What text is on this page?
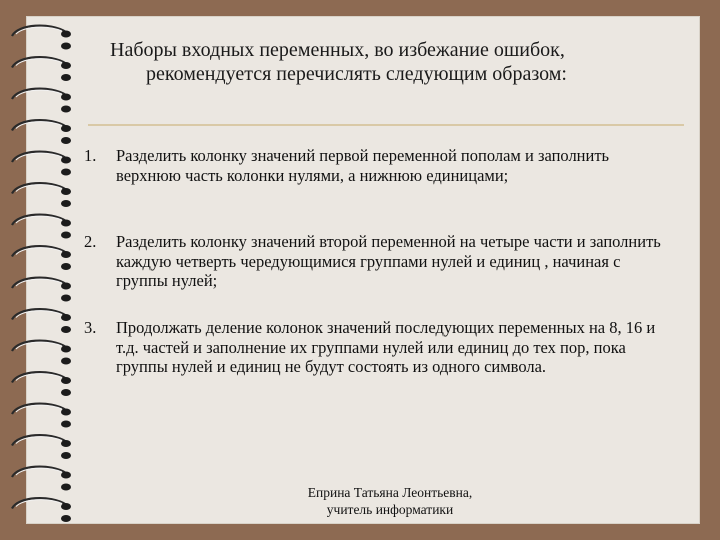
Наборы входных переменных, во избежание ошибок,
рекомендуется перечислять следующим образом:
1. Разделить колонку значений первой переменной пополам и заполнить верхнюю часть колонки нулями, а нижнюю единицами;
2. Разделить колонку значений второй переменной на четыре части и заполнить каждую четверть чередующимися группами нулей и единиц , начиная с группы нулей;
3. Продолжать деление колонок значений последующих переменных на 8, 16 и т.д. частей и заполнение их группами нулей или единиц до тех пор, пока группы нулей и единиц не будут состоять из одного символа.
Еприна Татьяна Леонтьевна,
учитель информатики
